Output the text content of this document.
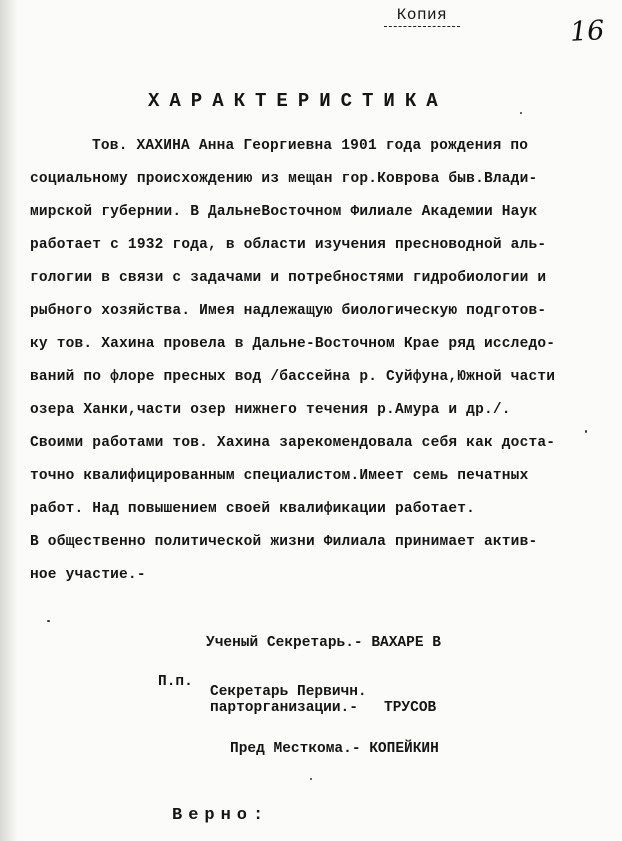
Копия
16
ХАРАКТЕРИСТИКА
Тов. ХАХИНА Анна Георгиевна 1901 года рождения по
социальному происхождению из мещан гор.Коврова быв.Влади-
мирской губернии. В ДальнеВосточном Филиале Академии Наук
работает с 1932 года, в области изучения пресноводной аль-
гологии в связи с задачами и потребностями гидробиологии и
рыбного хозяйства. Имея надлежащую биологическую подготов-
ку тов. Хахина провела в Дальне-Восточном Крае ряд исследо-
ваний по флоре пресных вод /бассейна р. Суйфуна,Южной части
озера Ханки,части озер нижнего течения р.Амура и др./.
Своими работами тов. Хахина зарекомендовала себя как доста-
точно квалифицированным специалистом.Имеет семь печатных
работ. Над повышением своей квалификации работает.
В общественно политической жизни Филиала принимает актив-
ное участие.-
Ученый Секретарь.- ВАХАРЕ В
П.п.
Секретарь Первичн.
парторганизации.-   ТРУСОВ
Пред Месткома.- КОПЕЙКИН
Верно:
